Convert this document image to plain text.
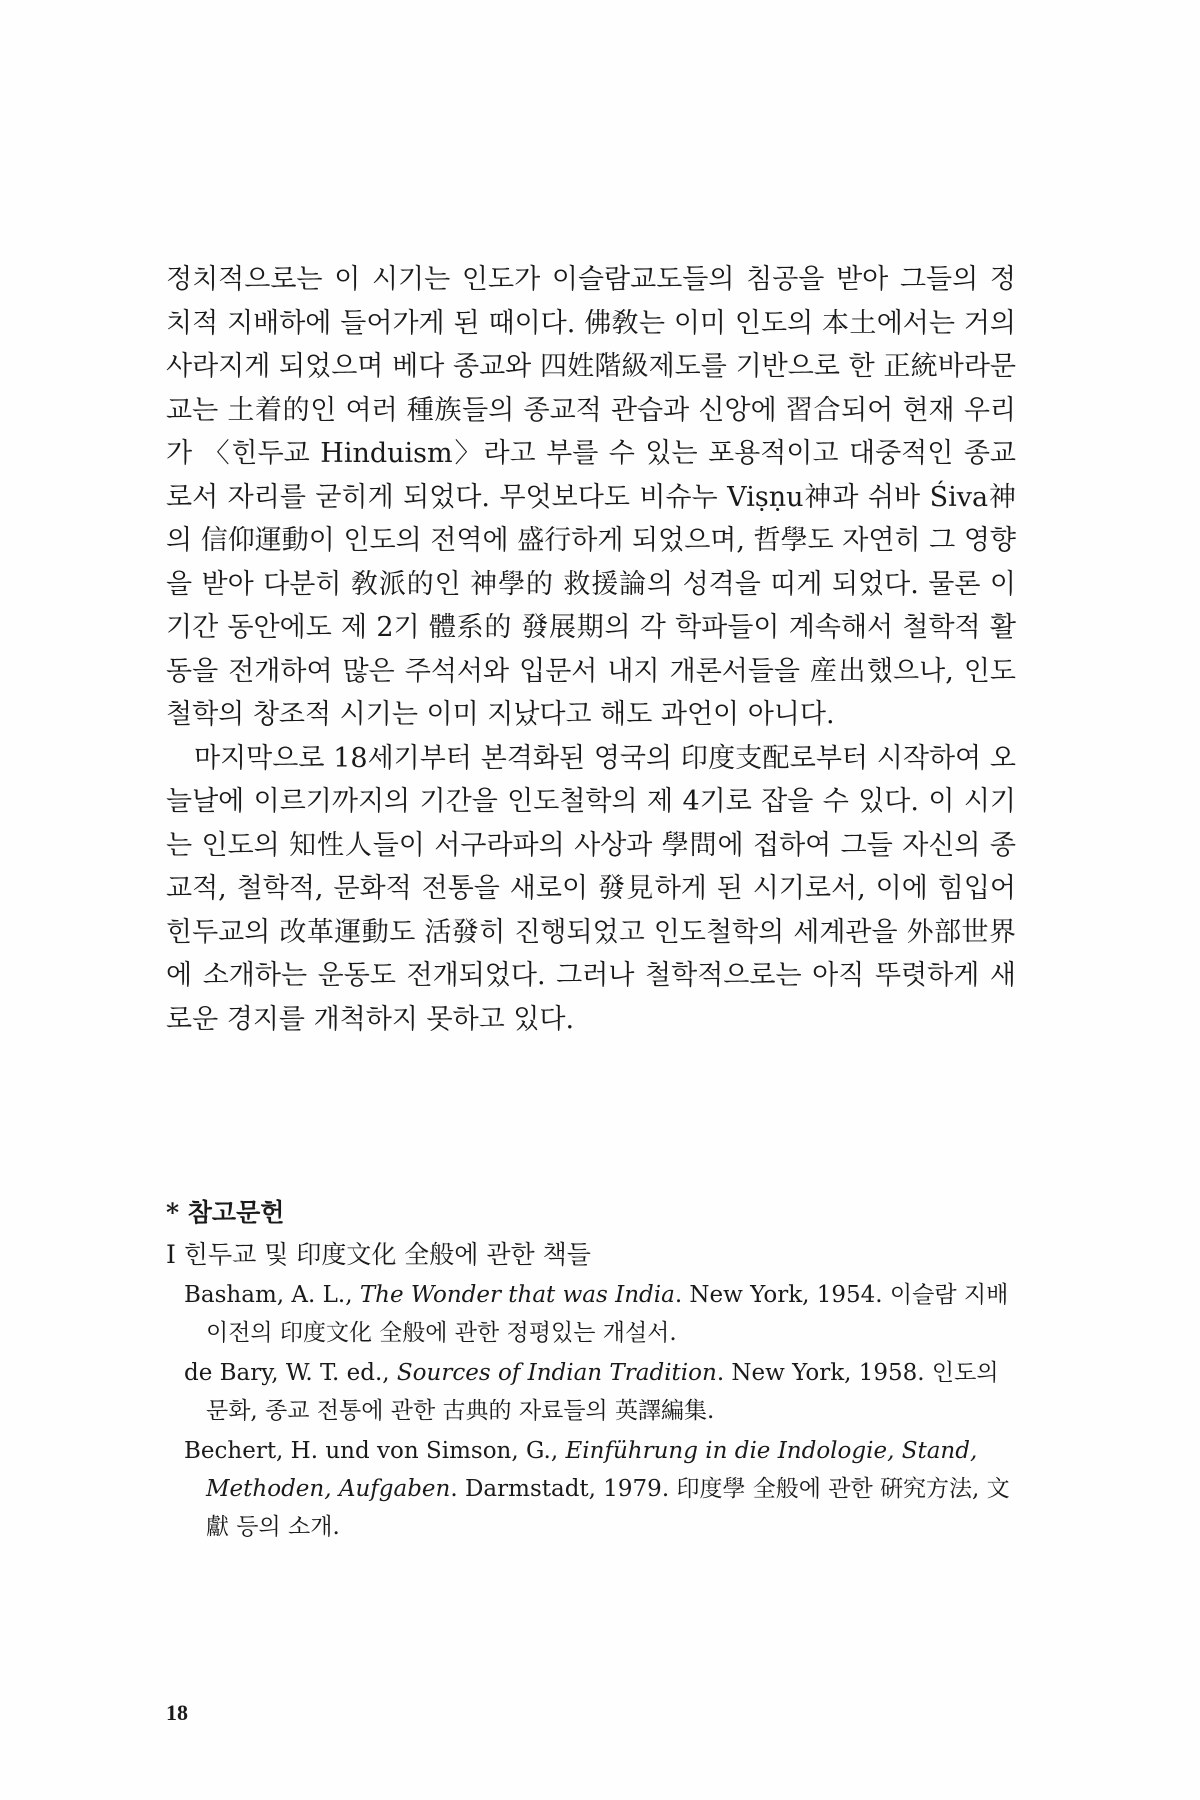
정치적으로는 이 시기는 인도가 이슬람교도들의 침공을 받아 그들의 정치적 지배하에 들어가게 된 때이다. 佛敎는 이미 인도의 本土에서는 거의 사라지게 되었으며 베다 종교와 四姓階級제도를 기반으로 한 正統바라문교는 土着的인 여러 種族들의 종교적 관습과 신앙에 習合되어 현재 우리가 〈힌두교 Hinduism〉라고 부를 수 있는 포용적이고 대중적인 종교로서 자리를 굳히게 되었다. 무엇보다도 비슈누 Viṣṇu神과 쉬바 Śiva神의 信仰運動이 인도의 전역에 盛行하게 되었으며, 哲學도 자연히 그 영향을 받아 다분히 敎派的인 神學的 救援論의 성격을 띠게 되었다. 물론 이 기간 동안에도 제 2기 體系的 發展期의 각 학파들이 계속해서 철학적 활동을 전개하여 많은 주석서와 입문서 내지 개론서들을 産出했으나, 인도철학의 창조적 시기는 이미 지났다고 해도 과언이 아니다.

마지막으로 18세기부터 본격화된 영국의 印度支配로부터 시작하여 오늘날에 이르기까지의 기간을 인도철학의 제 4기로 잡을 수 있다. 이 시기는 인도의 知性人들이 서구라파의 사상과 學問에 접하여 그들 자신의 종교적, 철학적, 문화적 전통을 새로이 發見하게 된 시기로서, 이에 힘입어 힌두교의 改革運動도 活發히 진행되었고 인도철학의 세계관을 外部世界에 소개하는 운동도 전개되었다. 그러나 철학적으로는 아직 뚜렷하게 새로운 경지를 개척하지 못하고 있다.

* 참고문헌

I 힌두교 및 印度文化 全般에 관한 책들

Basham, A. L., The Wonder that was India. New York, 1954. 이슬람 지배 이전의 印度文化 全般에 관한 정평있는 개설서.
de Bary, W. T. ed., Sources of Indian Tradition. New York, 1958. 인도의 문화, 종교 전통에 관한 古典的 자료들의 英譯編集.
Bechert, H. und von Simson, G., Einführung in die Indologie, Stand, Methoden, Aufgaben. Darmstadt, 1979. 印度學 全般에 관한 硏究方法, 文獻 등의 소개.
18
